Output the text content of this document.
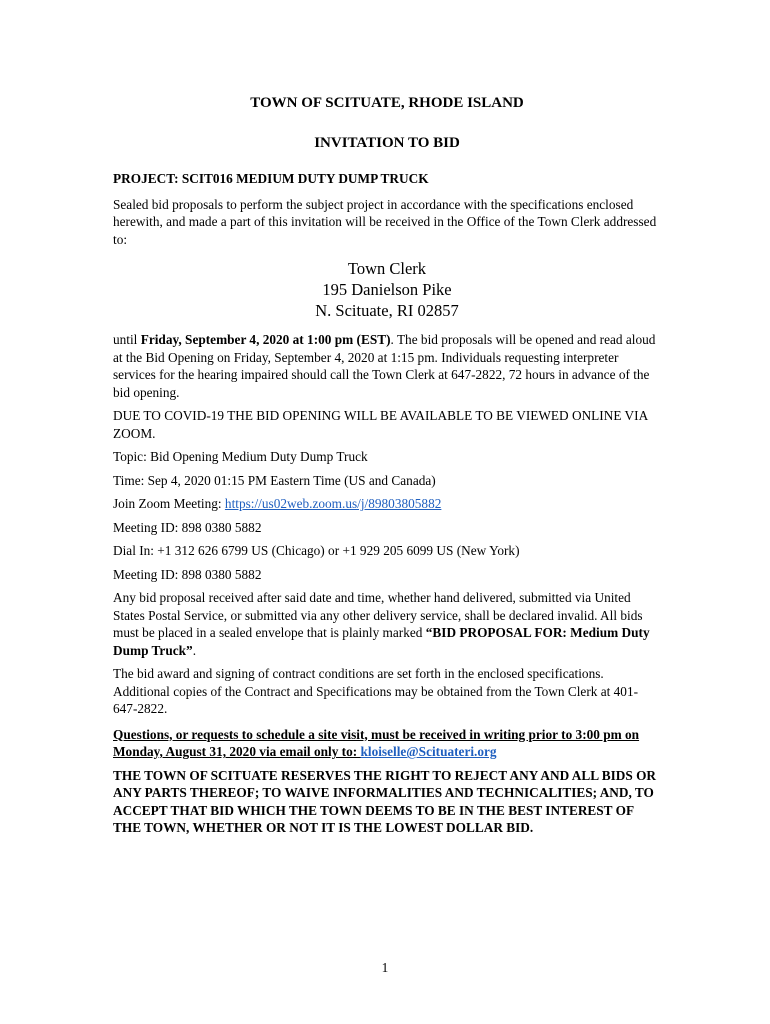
TOWN OF SCITUATE, RHODE ISLAND

INVITATION TO BID

PROJECT: SCIT016 MEDIUM DUTY DUMP TRUCK

Sealed bid proposals to perform the subject project in accordance with the specifications enclosed herewith, and made a part of this invitation will be received in the Office of the Town Clerk addressed to:

Town Clerk

195 Danielson Pike

N. Scituate, RI 02857

until Friday, September 4, 2020 at 1:00 pm (EST). The bid proposals will be opened and read aloud at the Bid Opening on Friday, September 4, 2020 at 1:15 pm. Individuals requesting interpreter services for the hearing impaired should call the Town Clerk at 647-2822, 72 hours in advance of the bid opening.

DUE TO COVID-19 THE BID OPENING WILL BE AVAILABLE TO BE VIEWED ONLINE VIA ZOOM.

Topic: Bid Opening Medium Duty Dump Truck

Time: Sep 4, 2020 01:15 PM Eastern Time (US and Canada)

Join Zoom Meeting: https://us02web.zoom.us/j/89803805882

Meeting ID: 898 0380 5882

Dial In: +1 312 626 6799 US (Chicago) or +1 929 205 6099 US (New York)

Meeting ID: 898 0380 5882

Any bid proposal received after said date and time, whether hand delivered, submitted via United States Postal Service, or submitted via any other delivery service, shall be declared invalid. All bids must be placed in a sealed envelope that is plainly marked “BID PROPOSAL FOR: Medium Duty Dump Truck”.

The bid award and signing of contract conditions are set forth in the enclosed specifications. Additional copies of the Contract and Specifications may be obtained from the Town Clerk at 401-647-2822.

Questions, or requests to schedule a site visit, must be received in writing prior to 3:00 pm on Monday, August 31, 2020 via email only to: kloiselle@Scituateri.org

THE TOWN OF SCITUATE RESERVES THE RIGHT TO REJECT ANY AND ALL BIDS OR ANY PARTS THEREOF; TO WAIVE INFORMALITIES AND TECHNICALITIES; AND, TO ACCEPT THAT BID WHICH THE TOWN DEEMS TO BE IN THE BEST INTEREST OF THE TOWN, WHETHER OR NOT IT IS THE LOWEST DOLLAR BID.

1
